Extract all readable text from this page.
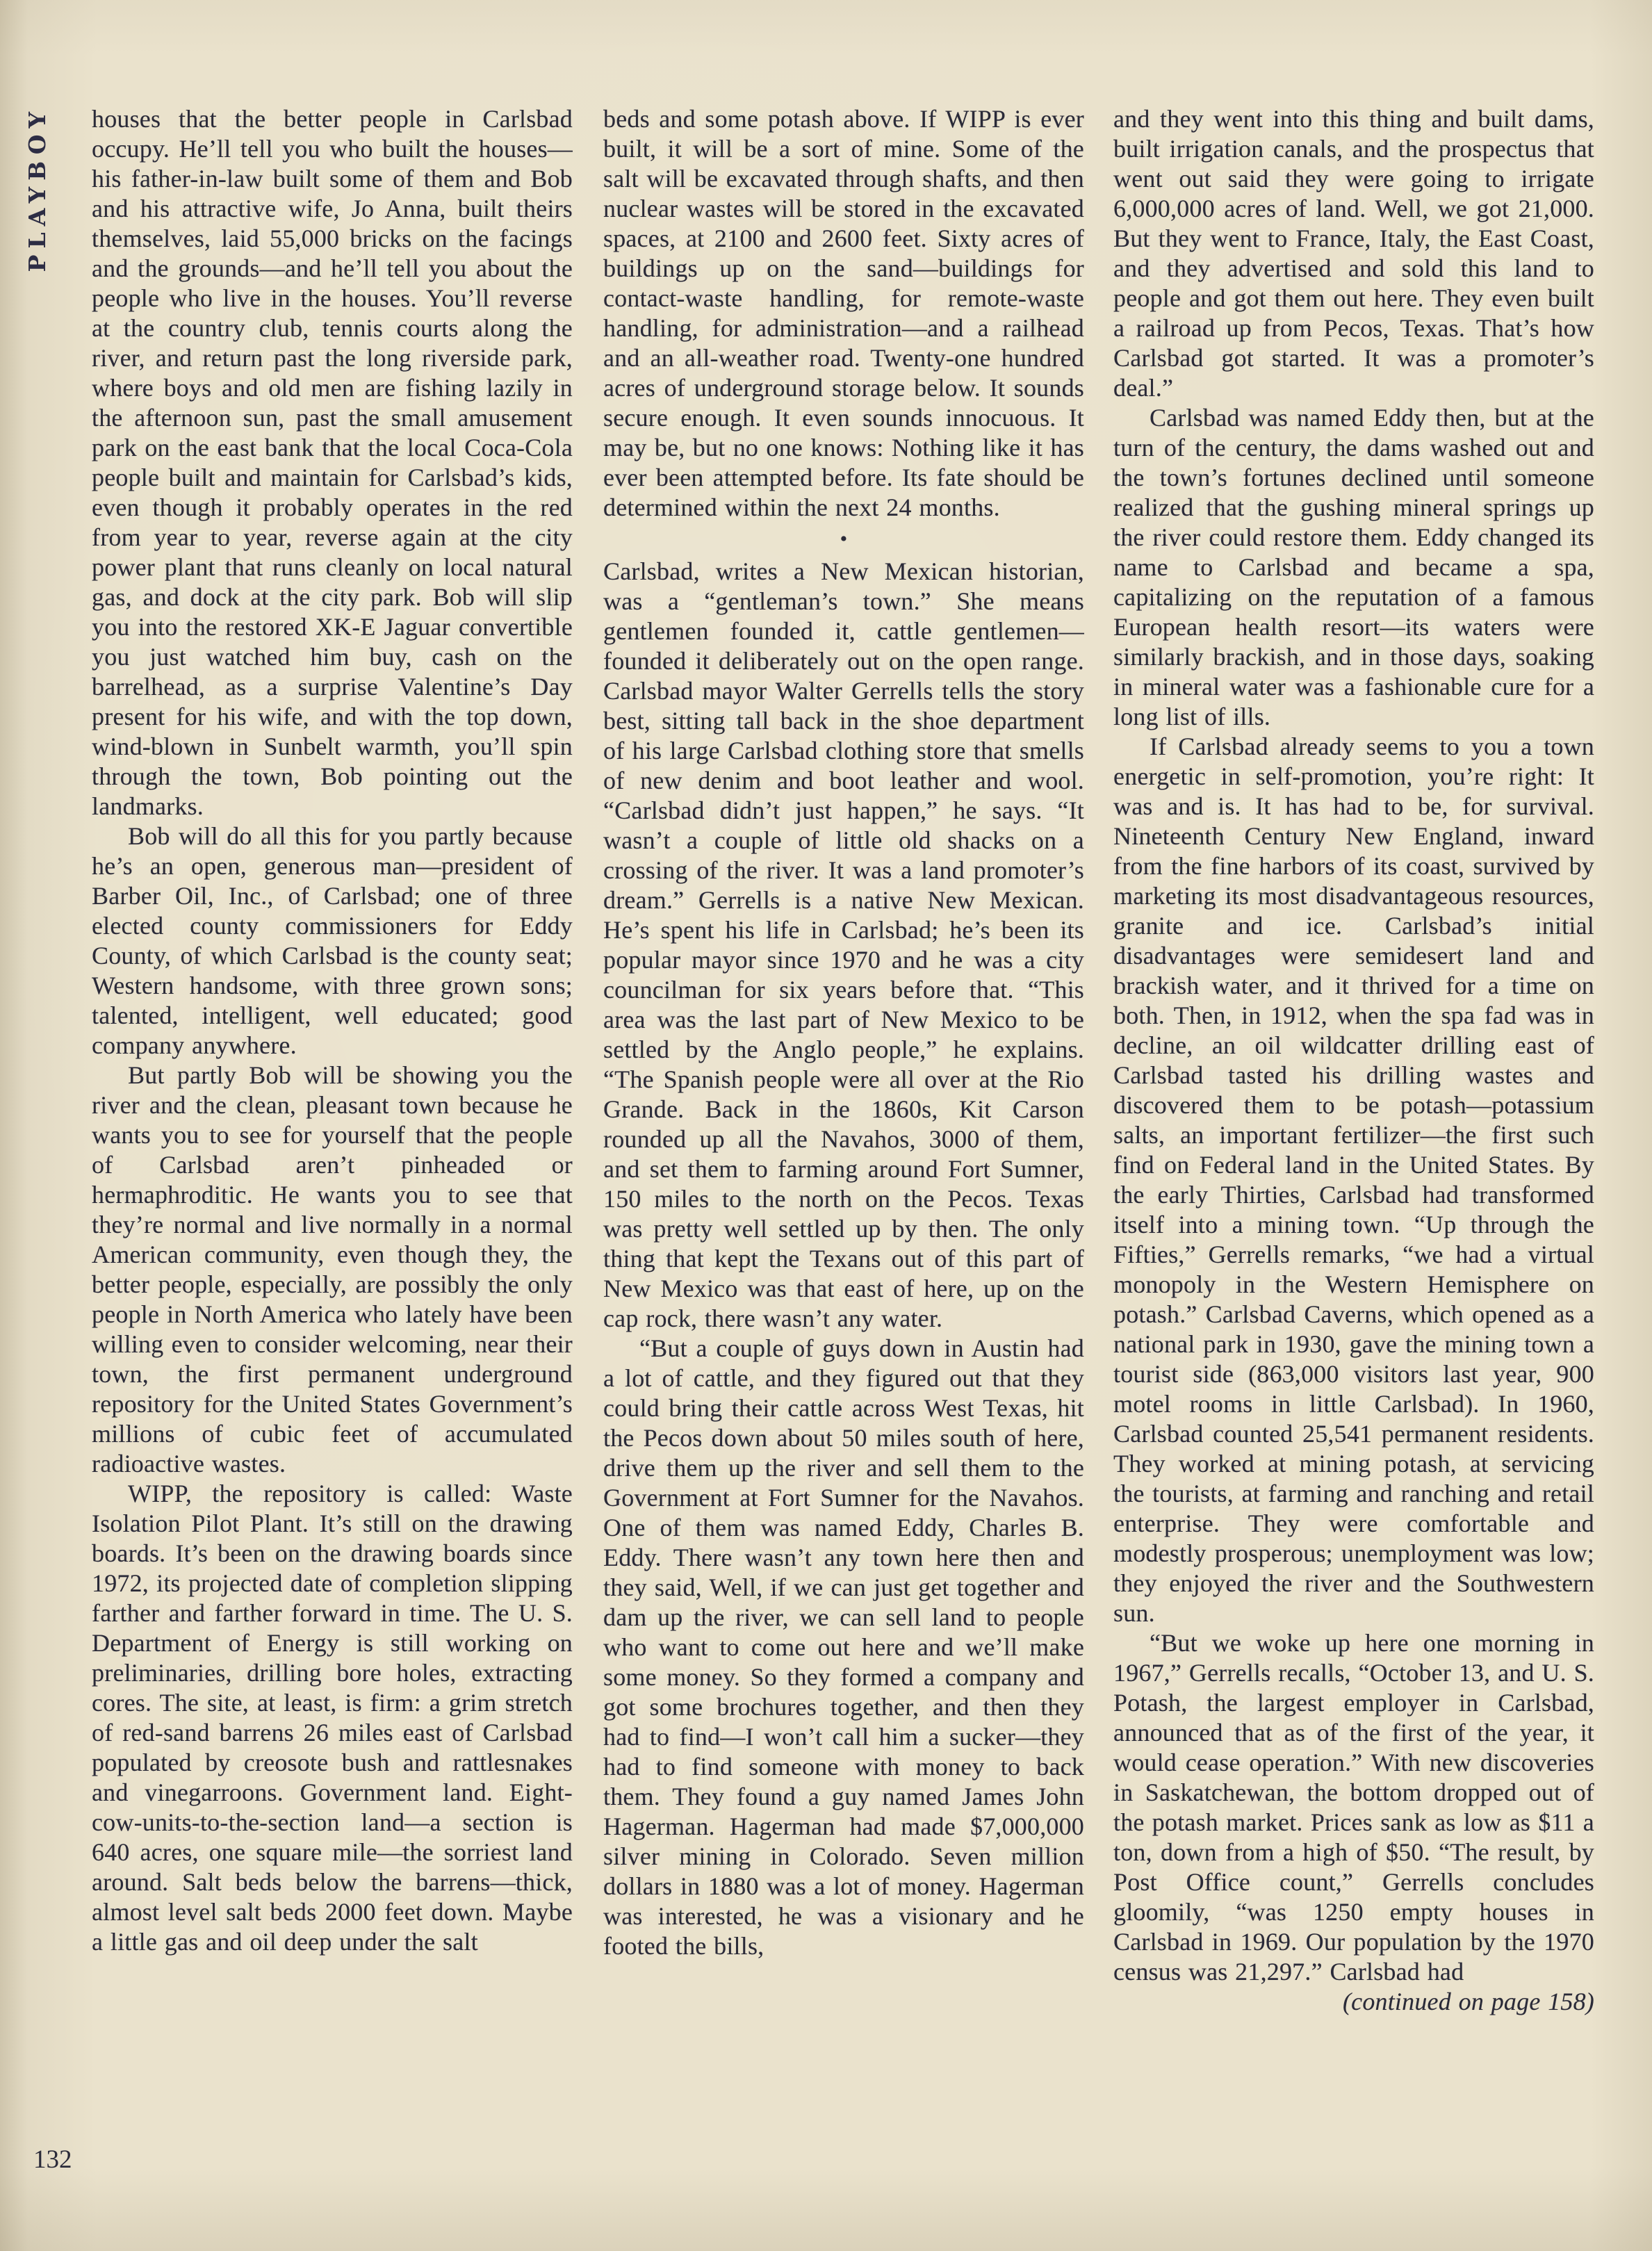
PLAYBOY
132

houses that the better people in Carlsbad occupy. He’ll tell you who built the houses—his father-in-law built some of them and Bob and his attractive wife, Jo Anna, built theirs themselves, laid 55,000 bricks on the facings and the grounds—and he’ll tell you about the people who live in the houses. You’ll reverse at the country club, tennis courts along the river, and return past the long riverside park, where boys and old men are fishing lazily in the afternoon sun, past the small amusement park on the east bank that the local Coca-Cola people built and maintain for Carlsbad’s kids, even though it probably operates in the red from year to year, reverse again at the city power plant that runs cleanly on local natural gas, and dock at the city park. Bob will slip you into the restored XK-E Jaguar convertible you just watched him buy, cash on the barrelhead, as a surprise Valentine’s Day present for his wife, and with the top down, wind-blown in Sunbelt warmth, you’ll spin through the town, Bob pointing out the landmarks.

Bob will do all this for you partly because he’s an open, generous man—president of Barber Oil, Inc., of Carlsbad; one of three elected county commissioners for Eddy County, of which Carlsbad is the county seat; Western handsome, with three grown sons; talented, intelligent, well educated; good company anywhere.

But partly Bob will be showing you the river and the clean, pleasant town because he wants you to see for yourself that the people of Carlsbad aren’t pinheaded or hermaphroditic. He wants you to see that they’re normal and live normally in a normal American community, even though they, the better people, especially, are possibly the only people in North America who lately have been willing even to consider welcoming, near their town, the first permanent underground repository for the United States Government’s millions of cubic feet of accumulated radioactive wastes.

WIPP, the repository is called: Waste Isolation Pilot Plant. It’s still on the drawing boards. It’s been on the drawing boards since 1972, its projected date of completion slipping farther and farther forward in time. The U. S. Department of Energy is still working on preliminaries, drilling bore holes, extracting cores. The site, at least, is firm: a grim stretch of red-sand barrens 26 miles east of Carlsbad populated by creosote bush and rattlesnakes and vinegarroons. Government land. Eight-cow-units-to-the-section land—a section is 640 acres, one square mile—the sorriest land around. Salt beds below the barrens—thick, almost level salt beds 2000 feet down. Maybe a little gas and oil deep under the salt

beds and some potash above. If WIPP is ever built, it will be a sort of mine. Some of the salt will be excavated through shafts, and then nuclear wastes will be stored in the excavated spaces, at 2100 and 2600 feet. Sixty acres of buildings up on the sand—buildings for contact-waste handling, for remote-waste handling, for administration—and a railhead and an all-weather road. Twenty-one hundred acres of underground storage below. It sounds secure enough. It even sounds innocuous. It may be, but no one knows: Nothing like it has ever been attempted before. Its fate should be determined within the next 24 months.

•

Carlsbad, writes a New Mexican historian, was a “gentleman’s town.” She means gentlemen founded it, cattle gentlemen—founded it deliberately out on the open range. Carlsbad mayor Walter Gerrells tells the story best, sitting tall back in the shoe department of his large Carlsbad clothing store that smells of new denim and boot leather and wool. “Carlsbad didn’t just happen,” he says. “It wasn’t a couple of little old shacks on a crossing of the river. It was a land promoter’s dream.” Gerrells is a native New Mexican. He’s spent his life in Carlsbad; he’s been its popular mayor since 1970 and he was a city councilman for six years before that. “This area was the last part of New Mexico to be settled by the Anglo people,” he explains. “The Spanish people were all over at the Rio Grande. Back in the 1860s, Kit Carson rounded up all the Navahos, 3000 of them, and set them to farming around Fort Sumner, 150 miles to the north on the Pecos. Texas was pretty well settled up by then. The only thing that kept the Texans out of this part of New Mexico was that east of here, up on the cap rock, there wasn’t any water.

“But a couple of guys down in Austin had a lot of cattle, and they figured out that they could bring their cattle across West Texas, hit the Pecos down about 50 miles south of here, drive them up the river and sell them to the Government at Fort Sumner for the Navahos. One of them was named Eddy, Charles B. Eddy. There wasn’t any town here then and they said, Well, if we can just get together and dam up the river, we can sell land to people who want to come out here and we’ll make some money. So they formed a company and got some brochures together, and then they had to find—I won’t call him a sucker—they had to find someone with money to back them. They found a guy named James John Hagerman. Hagerman had made $7,000,000 silver mining in Colorado. Seven million dollars in 1880 was a lot of money. Hagerman was interested, he was a visionary and he footed the bills,

and they went into this thing and built dams, built irrigation canals, and the prospectus that went out said they were going to irrigate 6,000,000 acres of land. Well, we got 21,000. But they went to France, Italy, the East Coast, and they advertised and sold this land to people and got them out here. They even built a railroad up from Pecos, Texas. That’s how Carlsbad got started. It was a promoter’s deal.”

Carlsbad was named Eddy then, but at the turn of the century, the dams washed out and the town’s fortunes declined until someone realized that the gushing mineral springs up the river could restore them. Eddy changed its name to Carlsbad and became a spa, capitalizing on the reputation of a famous European health resort—its waters were similarly brackish, and in those days, soaking in mineral water was a fashionable cure for a long list of ills.

If Carlsbad already seems to you a town energetic in self-promotion, you’re right: It was and is. It has had to be, for survival. Nineteenth Century New England, inward from the fine harbors of its coast, survived by marketing its most disadvantageous resources, granite and ice. Carlsbad’s initial disadvantages were semidesert land and brackish water, and it thrived for a time on both. Then, in 1912, when the spa fad was in decline, an oil wildcatter drilling east of Carlsbad tasted his drilling wastes and discovered them to be potash—potassium salts, an important fertilizer—the first such find on Federal land in the United States. By the early Thirties, Carlsbad had transformed itself into a mining town. “Up through the Fifties,” Gerrells remarks, “we had a virtual monopoly in the Western Hemisphere on potash.” Carlsbad Caverns, which opened as a national park in 1930, gave the mining town a tourist side (863,000 visitors last year, 900 motel rooms in little Carlsbad). In 1960, Carlsbad counted 25,541 permanent residents. They worked at mining potash, at servicing the tourists, at farming and ranching and retail enterprise. They were comfortable and modestly prosperous; unemployment was low; they enjoyed the river and the Southwestern sun.

“But we woke up here one morning in 1967,” Gerrells recalls, “October 13, and U. S. Potash, the largest employer in Carlsbad, announced that as of the first of the year, it would cease operation.” With new discoveries in Saskatchewan, the bottom dropped out of the potash market. Prices sank as low as $11 a ton, down from a high of $50. “The result, by Post Office count,” Gerrells concludes gloomily, “was 1250 empty houses in Carlsbad in 1969. Our population by the 1970 census was 21,297.” Carlsbad had

(continued on page 158)
